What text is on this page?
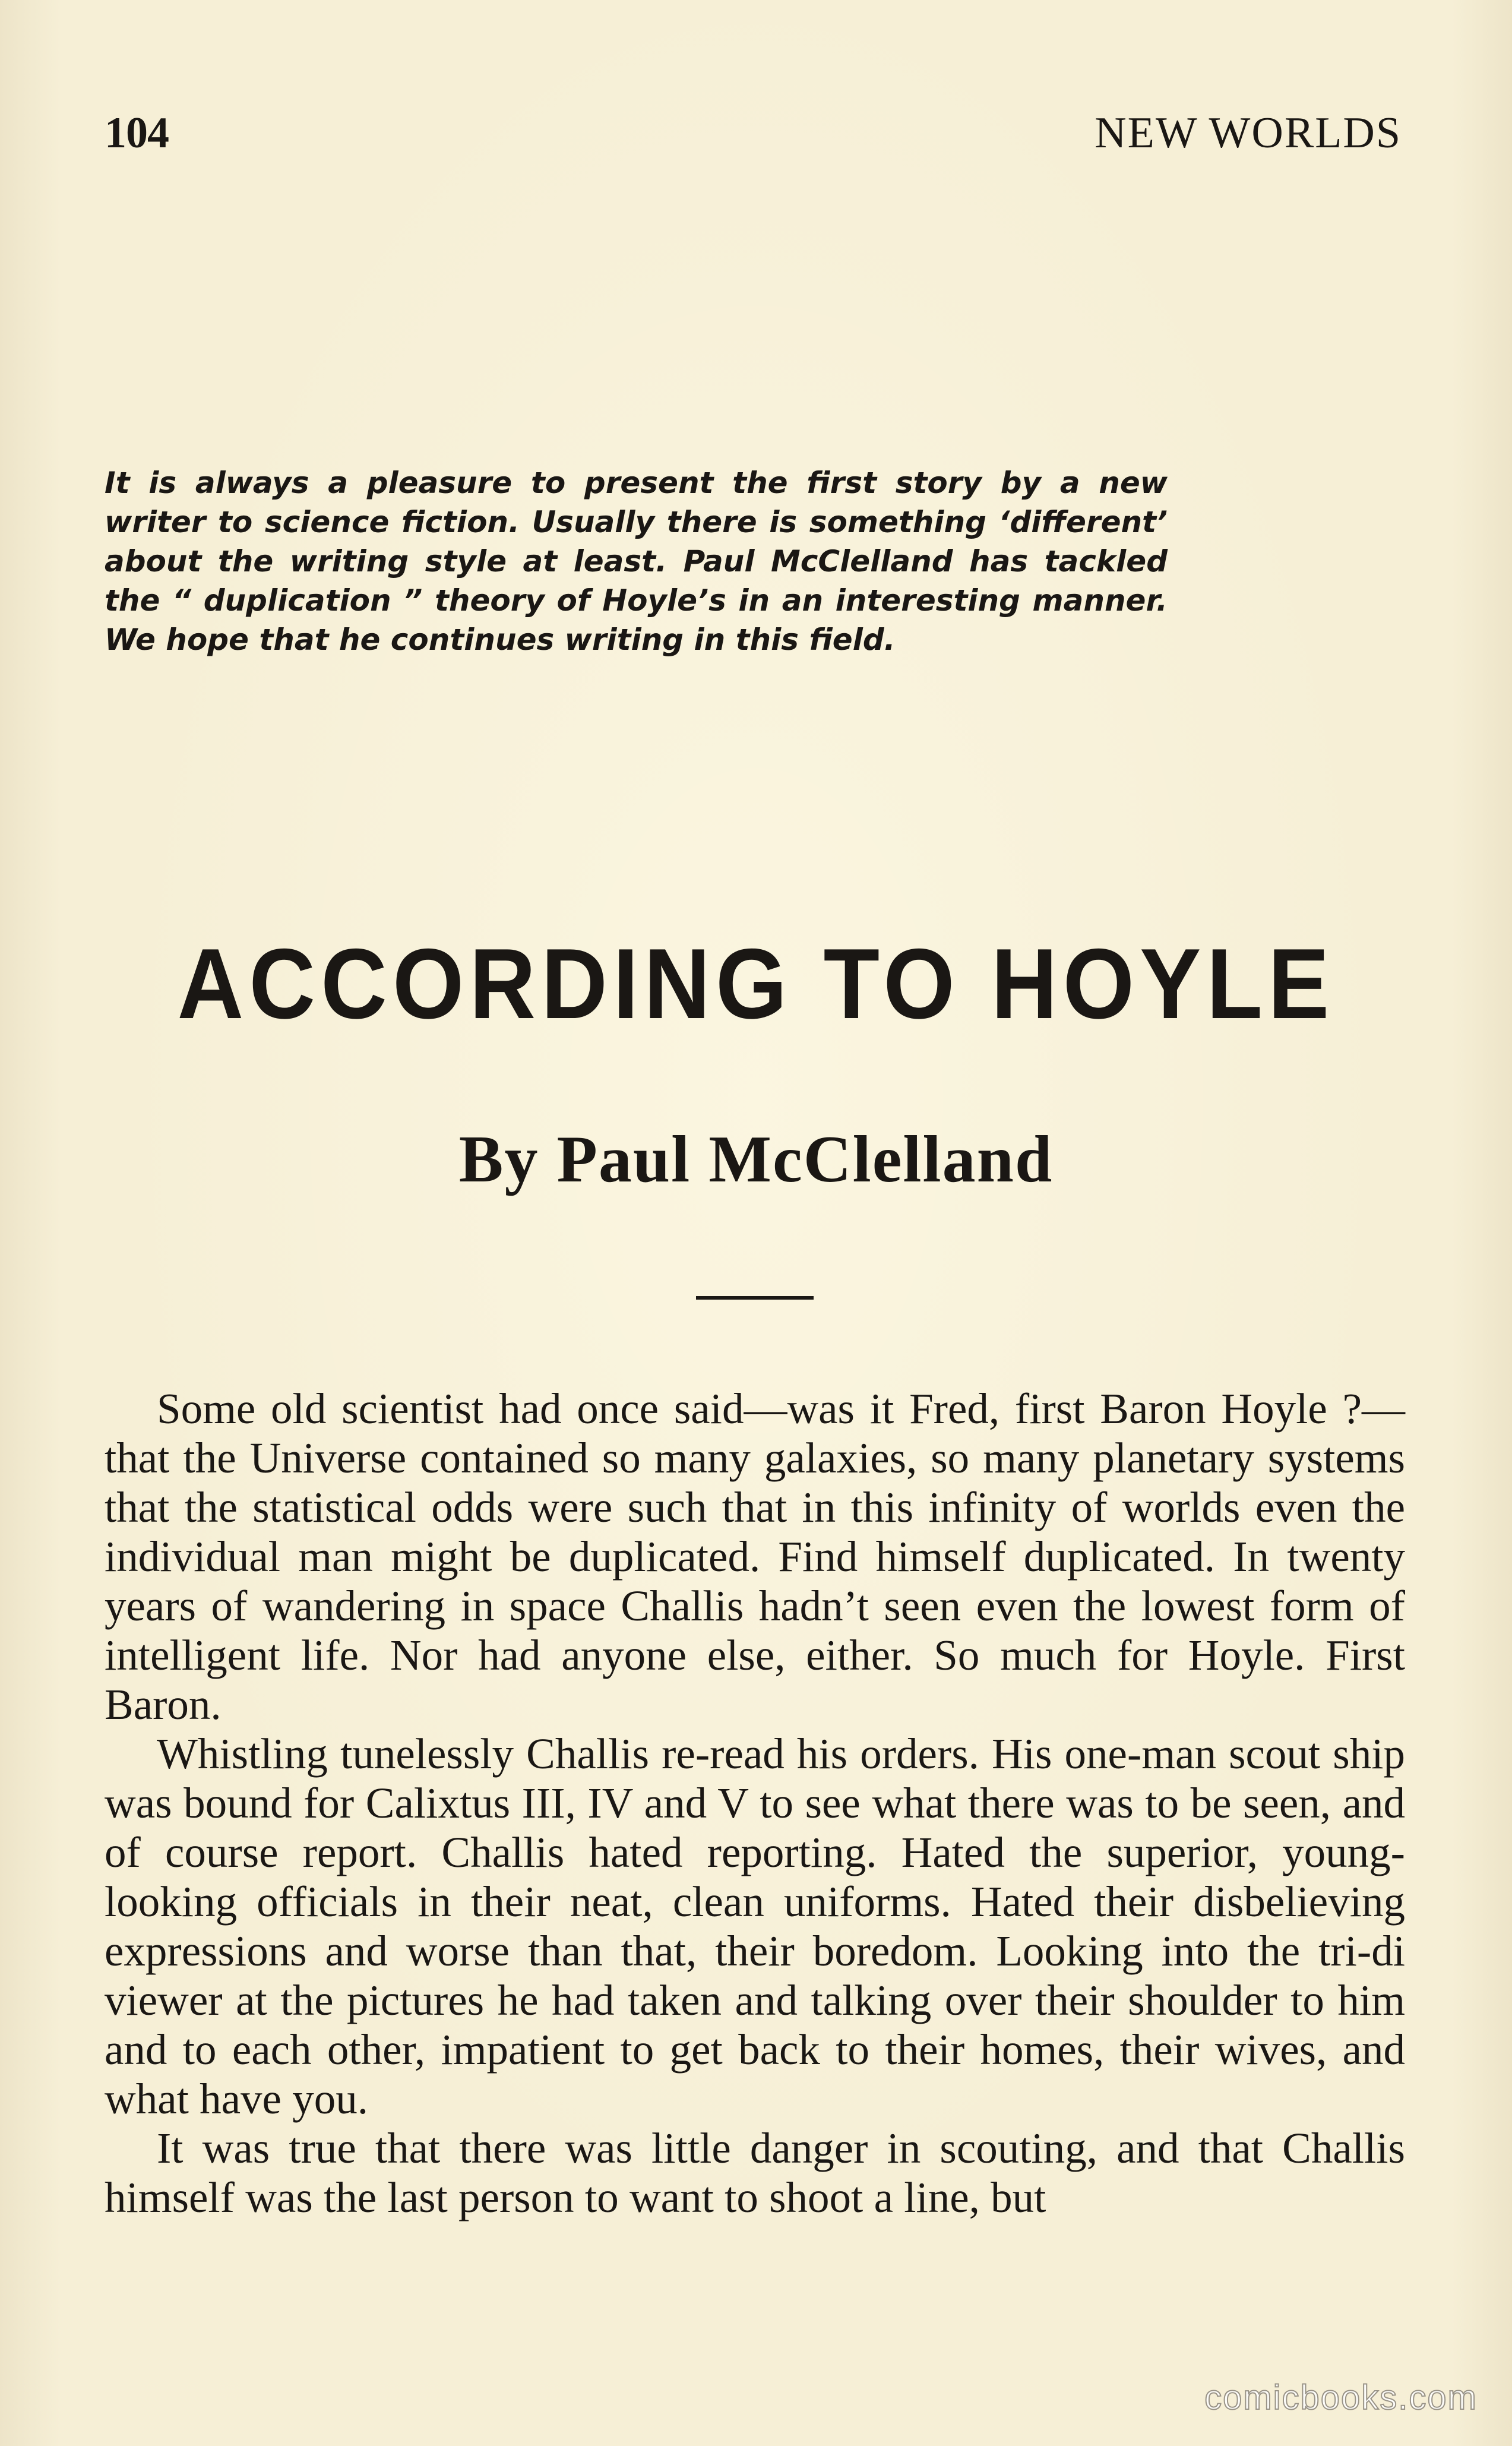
104	NEW WORLDS
It is always a pleasure to present the first story by a new writer to science fiction. Usually there is something ‘different’ about the writing style at least. Paul McClelland has tackled the “ duplication ” theory of Hoyle’s in an interesting manner. We hope that he continues writing in this field.
ACCORDING TO HOYLE
By Paul McClelland

Some old scientist had once said—was it Fred, first Baron Hoyle ?—that the Universe contained so many galaxies, so many planetary systems that the statistical odds were such that in this infinity of worlds even the individual man might be duplicated. Find himself duplicated. In twenty years of wandering in space Challis hadn’t seen even the lowest form of intelligent life. Nor had anyone else, either. So much for Hoyle. First Baron.

Whistling tunelessly Challis re-read his orders. His one-man scout ship was bound for Calixtus III, IV and V to see what there was to be seen, and of course report. Challis hated reporting. Hated the superior, young-looking officials in their neat, clean uniforms. Hated their disbelieving expressions and worse than that, their boredom. Looking into the tri-di viewer at the pictures he had taken and talking over their shoulder to him and to each other, impatient to get back to their homes, their wives, and what have you.

It was true that there was little danger in scouting, and that Challis himself was the last person to want to shoot a line, but

comicbooks.com
